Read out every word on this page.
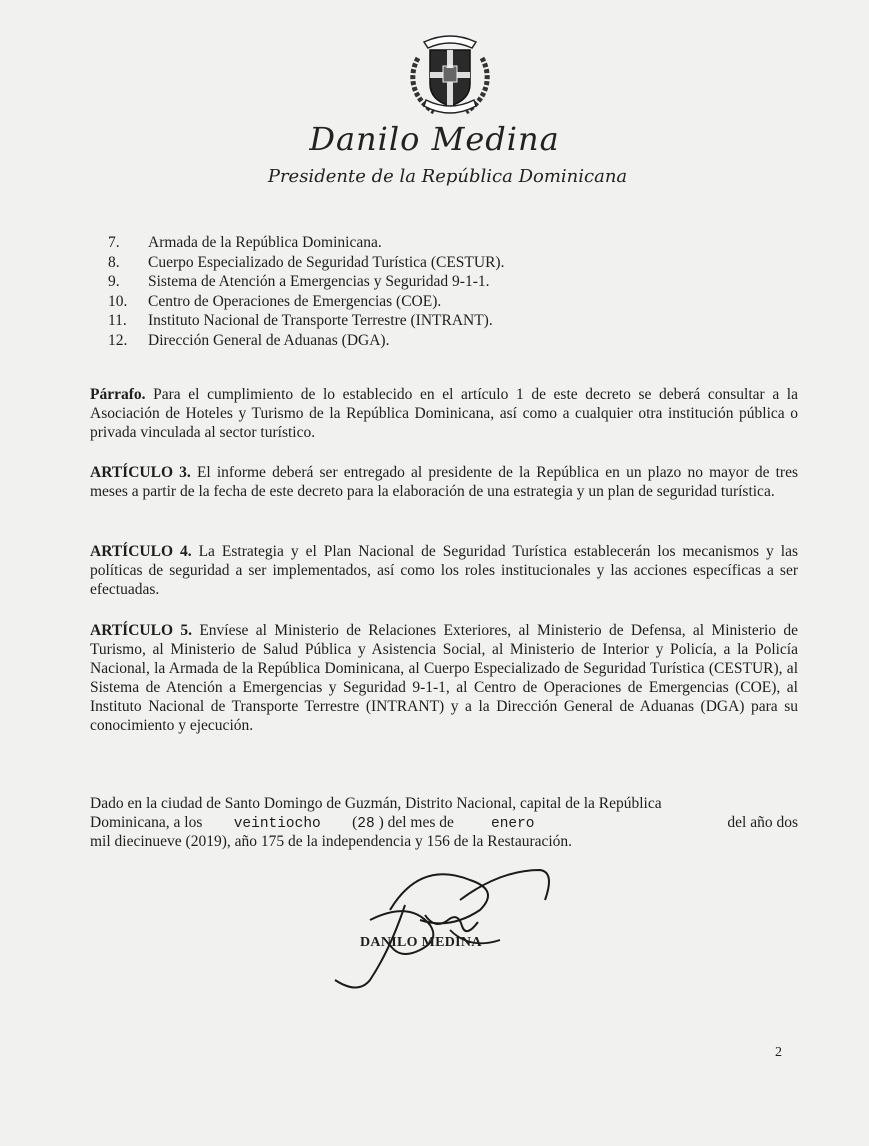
Danilo Medina
Presidente de la República Dominicana
7. Armada de la República Dominicana.
8. Cuerpo Especializado de Seguridad Turística (CESTUR).
9. Sistema de Atención a Emergencias y Seguridad 9-1-1.
10. Centro de Operaciones de Emergencias (COE).
11. Instituto Nacional de Transporte Terrestre (INTRANT).
12. Dirección General de Aduanas (DGA).

Párrafo. Para el cumplimiento de lo establecido en el artículo 1 de este decreto se deberá consultar a la Asociación de Hoteles y Turismo de la República Dominicana, así como a cualquier otra institución pública o privada vinculada al sector turístico.

ARTÍCULO 3. El informe deberá ser entregado al presidente de la República en un plazo no mayor de tres meses a partir de la fecha de este decreto para la elaboración de una estrategia y un plan de seguridad turística.

ARTÍCULO 4. La Estrategia y el Plan Nacional de Seguridad Turística establecerán los mecanismos y las políticas de seguridad a ser implementados, así como los roles institucionales y las acciones específicas a ser efectuadas.

ARTÍCULO 5. Envíese al Ministerio de Relaciones Exteriores, al Ministerio de Defensa, al Ministerio de Turismo, al Ministerio de Salud Pública y Asistencia Social, al Ministerio de Interior y Policía, a la Policía Nacional, la Armada de la República Dominicana, al Cuerpo Especializado de Seguridad Turística (CESTUR), al Sistema de Atención a Emergencias y Seguridad 9-1-1, al Centro de Operaciones de Emergencias (COE), al Instituto Nacional de Transporte Terrestre (INTRANT) y a la Dirección General de Aduanas (DGA) para su conocimiento y ejecución.

Dado en la ciudad de Santo Domingo de Guzmán, Distrito Nacional, capital de la República
Dominicana, a los veintiocho (28 ) del mes de	enero	del año dos
mil diecinueve (2019), año 175 de la independencia y 156 de la Restauración.
DANILO MEDINA
2
